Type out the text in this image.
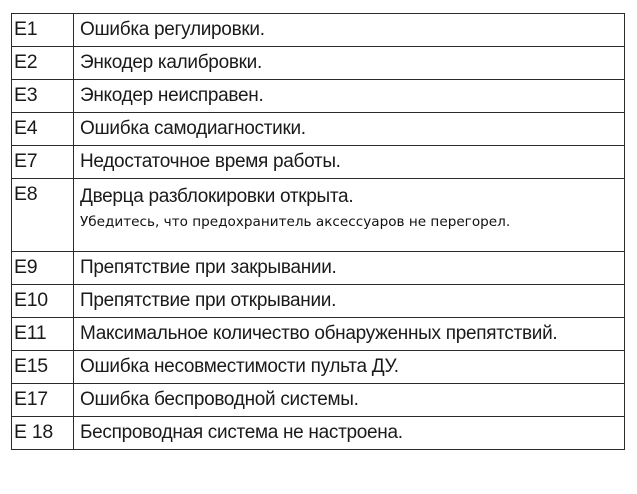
E1	Ошибка регулировки.
E2	Энкодер калибровки.
E3	Энкодер неисправен.
E4	Ошибка самодиагностики.
E7	Недостаточное время работы.
E8	Дверца разблокировки открыта.
Убедитесь, что предохранитель аксессуаров не перегорел.

E9	Препятствие при закрывании.
E10	Препятствие при открывании.
E11	Максимальное количество обнаруженных препятствий.
E15	Ошибка несовместимости пульта ДУ.
E17	Ошибка беспроводной системы.
E 18	Беспроводная система не настроена.
